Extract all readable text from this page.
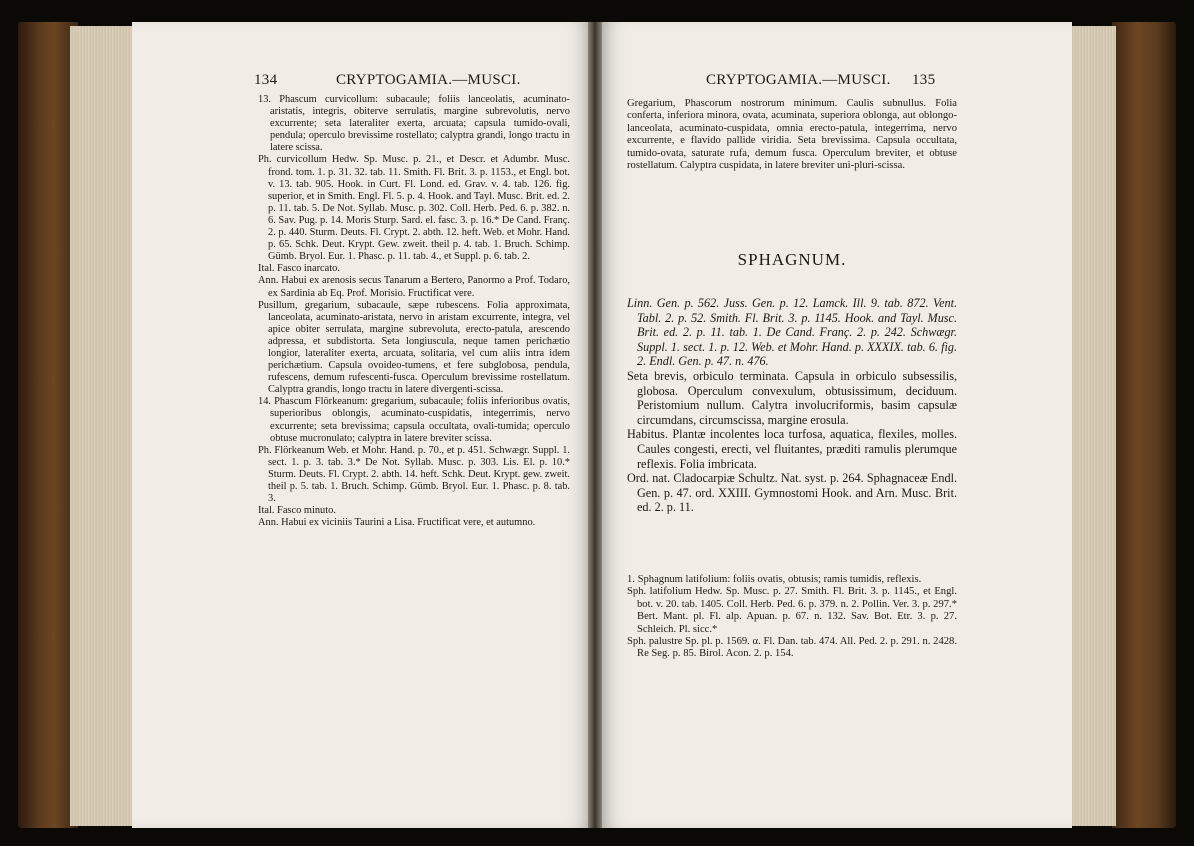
134	CRYPTOGAMIA.—MUSCI.	CRYPTOGAMIA.—MUSCI. 135

13. Phascum curvicollum: subacaule; foliis lanceolatis, acuminato-aristatis, integris, obiterve serrulatis, margine subrevolutis, nervo excurrente; seta lateraliter exerta, arcuata; capsula tumido-ovali, pendula; operculo brevissime rostellato; calyptra grandi, longo tractu in latere scissa.

Ph. curvicollum Hedw. Sp. Musc. p. 21., et Descr. et Adumbr. Musc. frond. tom. 1. p. 31. 32. tab. 11. Smith. Fl. Brit. 3. p. 1153., et Engl. bot. v. 13. tab. 905. Hook. in Curt. Fl. Lond. ed. Grav. v. 4. tab. 126. fig. superior, et in Smith. Engl. Fl. 5. p. 4. Hook. and Tayl. Musc. Brit. ed. 2. p. 11. tab. 5. De Not. Syllab. Musc. p. 302. Coll. Herb. Ped. 6. p. 382. n. 6. Sav. Pug. p. 14. Moris Sturp. Sard. el. fasc. 3. p. 16.* De Cand. Franç. 2. p. 440. Sturm. Deuts. Fl. Crypt. 2. abth. 12. heft. Web. et Mohr. Hand. p. 65. Schk. Deut. Krypt. Gew. zweit. theil p. 4. tab. 1. Bruch. Schimp. Gümb. Bryol. Eur. 1. Phasc. p. 11. tab. 4., et Suppl. p. 6. tab. 2.

Ital. Fasco inarcato.

Ann. Habui ex arenosis secus Tanarum a Bertero, Panormo a Prof. Todaro, ex Sardinia ab Eq. Prof. Morisio. Fructificat vere.

Pusillum, gregarium, subacaule, sæpe rubescens. Folia approximata, lanceolata, acuminato-aristata, nervo in aristam excurrente, integra, vel apice obiter serrulata, margine subrevoluta, erecto-patula, arescendo adpressa, et subdistorta. Seta longiuscula, neque tamen perichætio longior, lateraliter exerta, arcuata, solitaria, vel cum aliis intra idem perichætium. Capsula ovoideo-tumens, et fere subglobosa, pendula, rufescens, demum rufescenti-fusca. Operculum brevissime rostellatum. Calyptra grandis, longo tractu in latere divergenti-scissa.

14. Phascum Flörkeanum: gregarium, subacaule; foliis inferioribus ovatis, superioribus oblongis, acuminato-cuspidatis, integerrimis, nervo excurrente; seta brevissima; capsula occultata, ovali-tumida; operculo obtuse mucronulato; calyptra in latere breviter scissa.

Ph. Flörkeanum Web. et Mohr. Hand. p. 70., et p. 451. Schwægr. Suppl. 1. sect. 1. p. 3. tab. 3.* De Not. Syllab. Musc. p. 303. Lis. El. p. 10.* Sturm. Deuts. Fl. Crypt. 2. abth. 14. heft. Schk. Deut. Krypt. gew. zweit. theil p. 5. tab. 1. Bruch. Schimp. Gümb. Bryol. Eur. 1. Phasc. p. 8. tab. 3.

Ital. Fasco minuto.

Ann. Habui ex viciniis Taurini a Lisa. Fructificat vere, et autumno.

Gregarium, Phascorum nostrorum minimum. Caulis subnullus. Folia conferta, inferiora minora, ovata, acuminata, superiora oblonga, aut oblongo-lanceolata, acuminato-cuspidata, omnia erecto-patula, integerrima, nervo excurrente, e flavido pallide viridia. Seta brevissima. Capsula occultata, tumido-ovata, saturate rufa, demum fusca. Operculum breviter, et obtuse rostellatum. Calyptra cuspidata, in latere breviter uni-pluri-scissa.

SPHAGNUM.

Linn. Gen. p. 562. Juss. Gen. p. 12. Lamck. Ill. 9. tab. 872. Vent. Tabl. 2. p. 52. Smith. Fl. Brit. 3. p. 1145. Hook. and Tayl. Musc. Brit. ed. 2. p. 11. tab. 1. De Cand. Franç. 2. p. 242. Schwægr. Suppl. 1. sect. 1. p. 12. Web. et Mohr. Hand. p. XXXIX. tab. 6. fig. 2. Endl. Gen. p. 47. n. 476.

Seta brevis, orbiculo terminata. Capsula in orbiculo subsessilis, globosa. Operculum convexulum, obtusissimum, deciduum. Peristomium nullum. Calytra involucriformis, basim capsulæ circumdans, circumscissa, margine erosula.

Habitus. Plantæ incolentes loca turfosa, aquatica, flexiles, molles. Caules congesti, erecti, vel fluitantes, præditi ramulis plerumque reflexis. Folia imbricata.

Ord. nat. Cladocarpiæ Schultz. Nat. syst. p. 264. Sphagnaceæ Endl. Gen. p. 47. ord. XXIII. Gymnostomi Hook. and Arn. Musc. Brit. ed. 2. p. 11.

1. Sphagnum latifolium: foliis ovatis, obtusis; ramis tumidis, reflexis.

Sph. latifolium Hedw. Sp. Musc. p. 27. Smith. Fl. Brit. 3. p. 1145., et Engl. bot. v. 20. tab. 1405. Coll. Herb. Ped. 6. p. 379. n. 2. Pollin. Ver. 3. p. 297.* Bert. Mant. pl. Fl. alp. Apuan. p. 67. n. 132. Sav. Bot. Etr. 3. p. 27. Schleich. Pl. sicc.*

Sph. palustre Sp. pl. p. 1569. α. Fl. Dan. tab. 474. All. Ped. 2. p. 291. n. 2428. Re Seg. p. 85. Birol. Acon. 2. p. 154.
